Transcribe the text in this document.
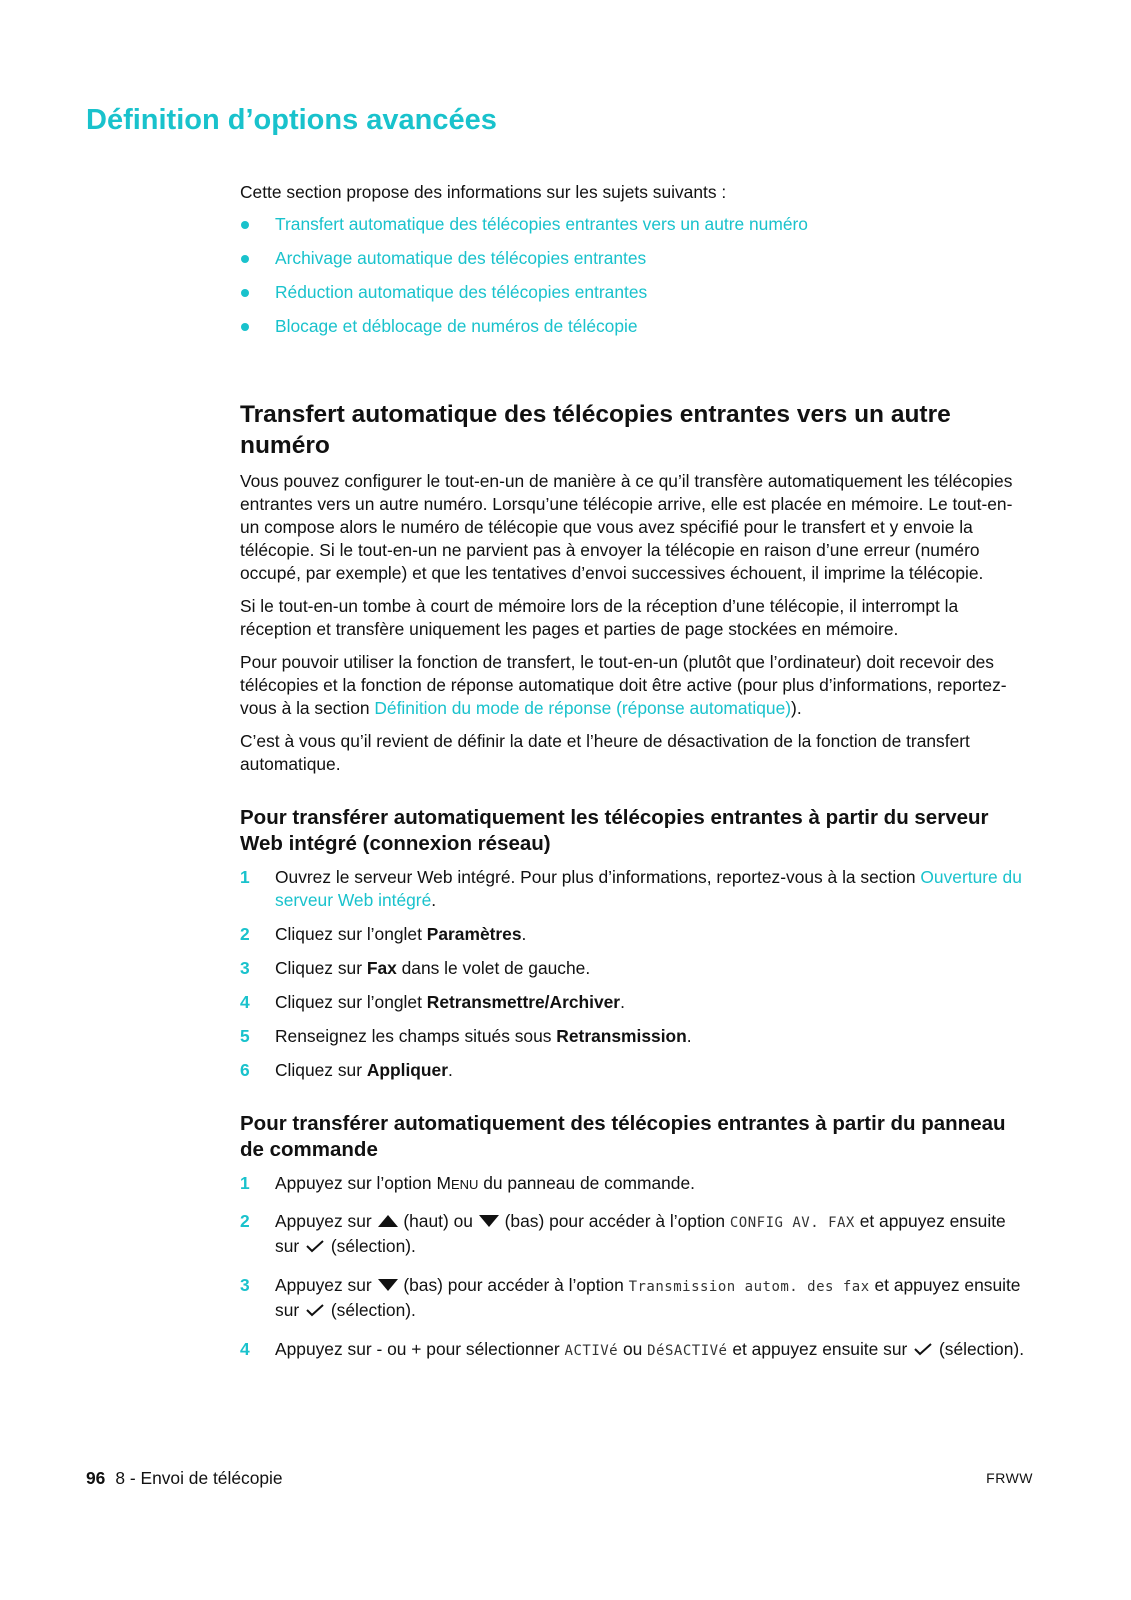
Définition d’options avancées

Cette section propose des informations sur les sujets suivants :

Transfert automatique des télécopies entrantes vers un autre numéro
Archivage automatique des télécopies entrantes
Réduction automatique des télécopies entrantes
Blocage et déblocage de numéros de télécopie
Transfert automatique des télécopies entrantes vers un autre numéro

Vous pouvez configurer le tout-en-un de manière à ce qu’il transfère automatiquement les télécopies entrantes vers un autre numéro. Lorsqu’une télécopie arrive, elle est placée en mémoire. Le tout-en-un compose alors le numéro de télécopie que vous avez spécifié pour le transfert et y envoie la télécopie. Si le tout-en-un ne parvient pas à envoyer la télécopie en raison d’une erreur (numéro occupé, par exemple) et que les tentatives d’envoi successives échouent, il imprime la télécopie.

Si le tout-en-un tombe à court de mémoire lors de la réception d’une télécopie, il interrompt la réception et transfère uniquement les pages et parties de page stockées en mémoire.

Pour pouvoir utiliser la fonction de transfert, le tout-en-un (plutôt que l’ordinateur) doit recevoir des télécopies et la fonction de réponse automatique doit être active (pour plus d’informations, reportez-vous à la section Définition du mode de réponse (réponse automatique)).

C’est à vous qu’il revient de définir la date et l’heure de désactivation de la fonction de transfert automatique.

Pour transférer automatiquement les télécopies entrantes à partir du serveur Web intégré (connexion réseau)
1 Ouvrez le serveur Web intégré. Pour plus d’informations, reportez-vous à la section Ouverture du serveur Web intégré.
2 Cliquez sur l’onglet Paramètres.
3 Cliquez sur Fax dans le volet de gauche.
4 Cliquez sur l’onglet Retransmettre/Archiver.
5 Renseignez les champs situés sous Retransmission.
6 Cliquez sur Appliquer.
Pour transférer automatiquement des télécopies entrantes à partir du panneau de commande
1 Appuyez sur l’option MENU du panneau de commande.
2 Appuyez sur  (haut) ou  (bas) pour accéder à l’option CONFIG AV. FAX et appuyez ensuite sur  (sélection).
3 Appuyez sur  (bas) pour accéder à l’option Transmission autom. des fax et appuyez ensuite sur  (sélection).
4 Appuyez sur - ou + pour sélectionner ACTIVé ou DéSACTIVé et appuyez ensuite sur  (sélection).
96 8 - Envoi de télécopie	FRWW
